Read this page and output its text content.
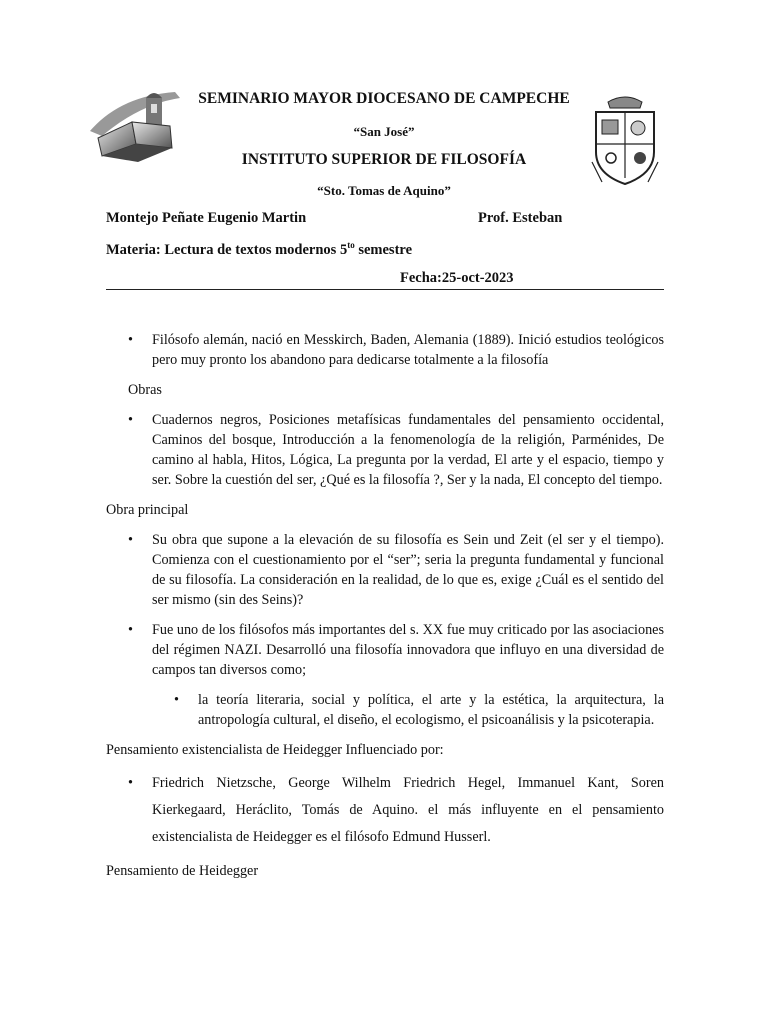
SEMINARIO MAYOR DIOCESANO DE CAMPECHE
“San José”
INSTITUTO SUPERIOR DE FILOSOFÍA
“Sto. Tomas de Aquino”
Montejo Peñate Eugenio Martin	Prof. Esteban
Materia: Lectura de textos modernos $5^{to}$ semestre
Fecha:25-oct-2023
• Filósofo alemán, nació en Messkirch, Baden, Alemania (1889). Inició estudios teológicos pero muy pronto los abandono para dedicarse totalmente a la filosofía
Obras
• Cuadernos negros, Posiciones metafísicas fundamentales del pensamiento occidental, Caminos del bosque, Introducción a la fenomenología de la religión, Parménides, De camino al habla, Hitos, Lógica, La pregunta por la verdad, El arte y el espacio, tiempo y ser. Sobre la cuestión del ser, ¿Qué es la filosofía ?, Ser y la nada, El concepto del tiempo.
Obra principal
• Su obra que supone a la elevación de su filosofía es Sein und Zeit (el ser y el tiempo). Comienza con el cuestionamiento por el “ser”; seria la pregunta fundamental y funcional de su filosofía. La consideración en la realidad, de lo que es, exige ¿Cuál es el sentido del ser mismo (sin des Seins)?
• Fue uno de los filósofos más importantes del s. XX fue muy criticado por las asociaciones del régimen NAZI. Desarrolló una filosofía innovadora que influyo en una diversidad de campos tan diversos como;
• la teoría literaria, social y política, el arte y la estética, la arquitectura, la antropología cultural, el diseño, el ecologismo, el psicoanálisis y la psicoterapia.
Pensamiento existencialista de Heidegger Influenciado por:
• Friedrich Nietzsche, George Wilhelm Friedrich Hegel, Immanuel Kant, Soren Kierkegaard, Heráclito, Tomás de Aquino. el más influyente en el pensamiento existencialista de Heidegger es el filósofo Edmund Husserl.
Pensamiento de Heidegger
